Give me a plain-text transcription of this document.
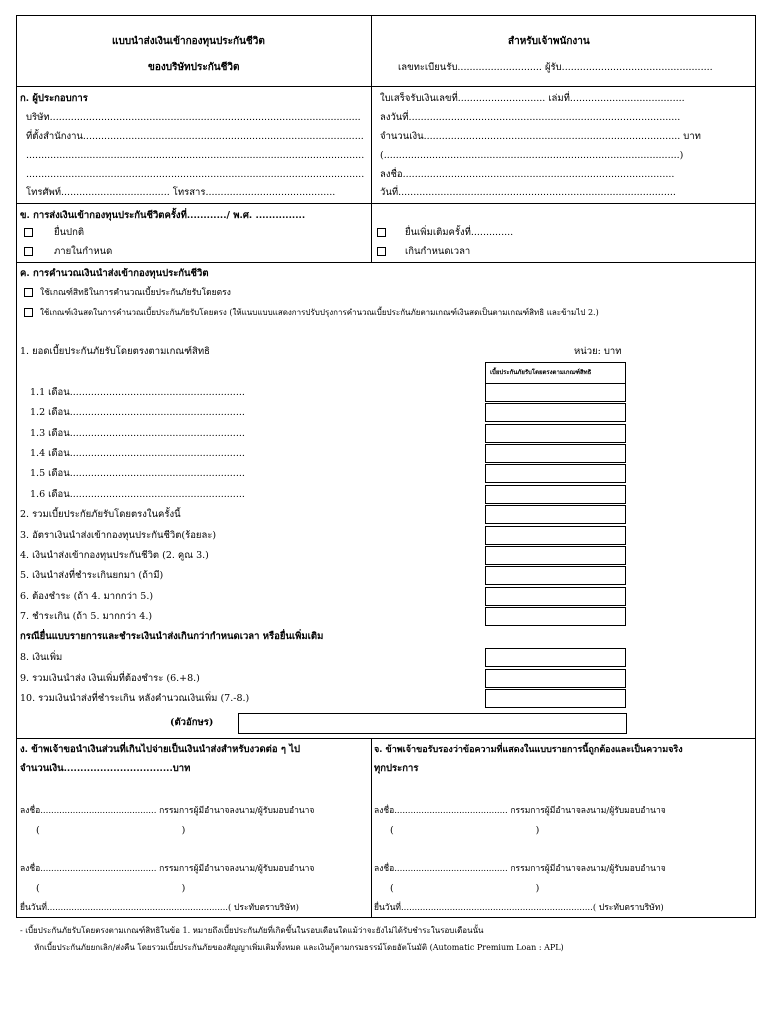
แบบนำส่งเงินเข้ากองทุนประกันชีวิต
ของบริษัทประกันชีวิต
สำหรับเจ้าพนักงาน
เลขทะเบียนรับ............................ ผู้รับ..................................................
ก. ผู้ประกอบการ
บริษัท.......................................................................................................
ที่ตั้งสำนักงาน.............................................................................................
................................................................................................................
................................................................................................................
โทรศัพท์.................................... โทรสาร...........................................
ใบเสร็จรับเงินเลขที่............................. เล่มที่......................................
ลงวันที่..........................................................................................
จำนวนเงิน..................................................................................... บาท
(..................................................................................................)
ลงชื่อ..........................................................................................
วันที่............................................................................................
ข. การส่งเงินเข้ากองทุนประกันชีวิตครั้งที่............/ พ.ศ. ...............
ยื่นปกติ
ภายในกำหนด
ยื่นเพิ่มเติมครั้งที่..............
เกินกำหนดเวลา
ค. การคำนวณเงินนำส่งเข้ากองทุนประกันชีวิต
ใช้เกณฑ์สิทธิในการคำนวณเบี้ยประกันภัยรับโดยตรง
ใช้เกณฑ์เงินสดในการคำนวณเบี้ยประกันภัยรับโดยตรง (ให้แนบแบบแสดงการปรับปรุงการคำนวณเบี้ยประกันภัยตามเกณฑ์เงินสดเป็นตามเกณฑ์สิทธิ และข้ามไป 2.)
1. ยอดเบี้ยประกันภัยรับโดยตรงตามเกณฑ์สิทธิ	หน่วย: บาท
เบี้ยประกันภัยรับโดยตรงตามเกณฑ์สิทธิ
1.1 เดือน..........................................................
1.2 เดือน..........................................................
1.3 เดือน..........................................................
1.4 เดือน..........................................................
1.5 เดือน..........................................................
1.6 เดือน..........................................................
2. รวมเบี้ยประกัยภัยรับโดยตรงในครั้งนี้
3. อัตราเงินนำส่งเข้ากองทุนประกันชีวิต(ร้อยละ)
4. เงินนำส่งเข้ากองทุนประกันชีวิต (2. คูณ 3.)
5. เงินนำส่งที่ชำระเกินยกมา (ถ้ามี)
6. ต้องชำระ (ถ้า 4. มากกว่า 5.)
7. ชำระเกิน (ถ้า 5. มากกว่า 4.)
กรณียื่นแบบรายการและชำระเงินนำส่งเกินกว่ากำหนดเวลา หรือยื่นเพิ่มเติม
8. เงินเพิ่ม
9. รวมเงินนำส่ง เงินเพิ่มที่ต้องชำระ (6.+8.)
10. รวมเงินนำส่งที่ชำระเกิน หลังคำนวณเงินเพิ่ม (7.-8.)
(ตัวอักษร)
ง. ข้าพเจ้าขอนำเงินส่วนที่เกินไปจ่ายเป็นเงินนำส่งสำหรับงวดต่อ ๆ ไป
จำนวนเงิน.................................บาท
ลงชื่อ........................................... กรรมการผู้มีอำนาจลงนาม/ผู้รับมอบอำนาจ
(                                               )
ลงชื่อ........................................... กรรมการผู้มีอำนาจลงนาม/ผู้รับมอบอำนาจ
(                                               )
ยื่นวันที่...................................................................( ประทับตราบริษัท)
จ. ข้าพเจ้าขอรับรองว่าข้อความที่แสดงในแบบรายการนี้ถูกต้องและเป็นความจริง
ทุกประการ
ลงชื่อ.......................................... กรรมการผู้มีอำนาจลงนาม/ผู้รับมอบอำนาจ
(                                               )
ลงชื่อ.......................................... กรรมการผู้มีอำนาจลงนาม/ผู้รับมอบอำนาจ
(                                               )
ยื่นวันที่.......................................................................( ประทับตราบริษัท)
- เบี้ยประกันภัยรับโดยตรงตามเกณฑ์สิทธิในข้อ 1. หมายถึงเบี้ยประกันภัยที่เกิดขึ้นในรอบเดือนใดแม้ว่าจะยังไม่ได้รับชำระในรอบเดือนนั้น
หักเบี้ยประกันภัยยกเลิก/ส่งคืน โดยรวมเบี้ยประกันภัยของสัญญาเพิ่มเติมทั้งหมด และเงินกู้ตามกรมธรรม์โดยอัตโนมัติ (Automatic Premium Loan : APL)
